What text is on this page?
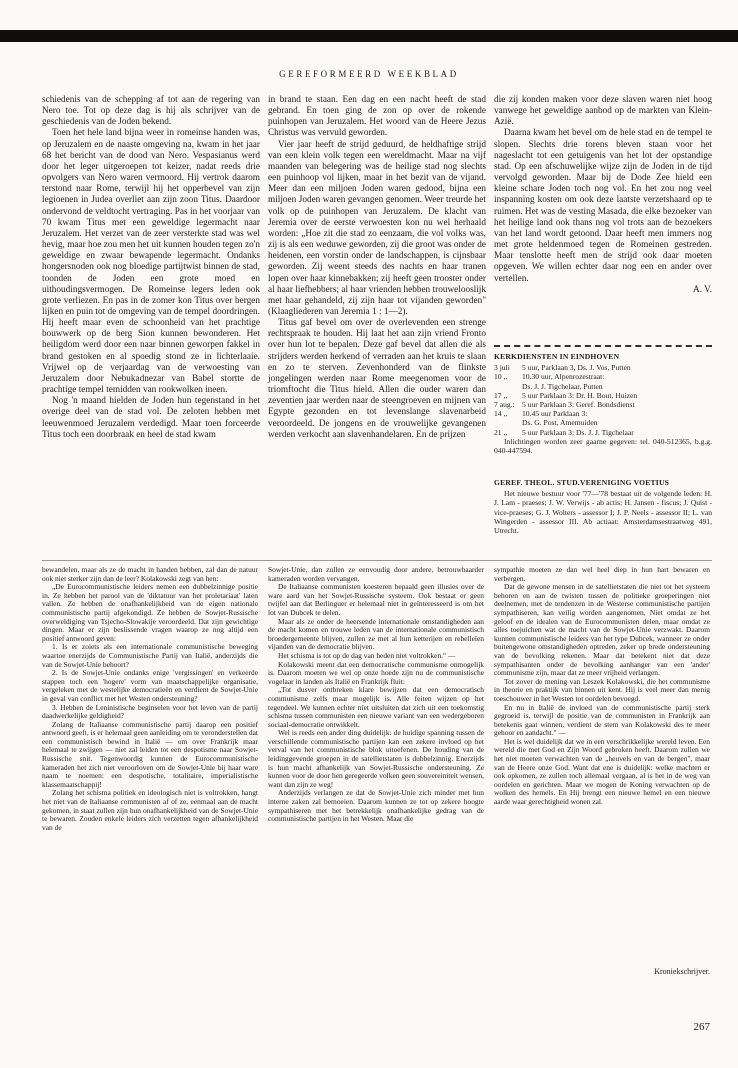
GEREFORMEERD WEEKBLAD

schiedenis van de schepping af tot aan de regering van Nero toe. Tot op deze dag is hij als schrijver van de geschiedenis van de Joden bekend.

Toen het hele land bijna weer in romeinse handen was, op Jeruzalem en de naaste omgeving na, kwam in het jaar 68 het bericht van de dood van Nero. Vespasianus werd door het leger uitgeroepen tot keizer, nadat reeds drie opvolgers van Nero waren vermoord. Hij vertrok daarom terstond naar Rome, terwijl hij het opperbevel van zijn legioenen in Judea overliet aan zijn zoon Titus. Daardoor ondervond de veldtocht vertraging. Pas in het voorjaar van 70 kwam Titus met een geweldige legermacht naar Jeruzalem. Het verzet van de zeer versterkte stad was wel hevig, maar hoe zou men het uit kunnen houden tegen zo'n geweldige en zwaar bewapende legermacht. Ondanks hongersnoden ook nog bloedige partijtwist binnen de stad, toonden de Joden een grote moed en uithoudingsvermogen. De Romeinse legers leden ook grote verliezen. En pas in de zomer kon Titus over bergen lijken en puin tot de omgeving van de tempel doordringen. Hij heeft maar even de schoonheid van het prachtige bouwwerk op de berg Sion kunnen bewonderen. Het heiligdom werd door een naar binnen geworpen fakkel in brand gestoken en al spoedig stond ze in lichterlaaie. Vrijwel op de verjaardag van de verwoesting van Jeruzalem door Nebukadnezar van Babel stortte de prachtige tempel temidden van rookwolken ineen.

Nog 'n maand hielden de Joden hun tegenstand in het overige deel van de stad vol. De zeloten hebben met leeuwenmoed Jeruzalem verdedigd. Maar toen forceerde Titus toch een doorbraak en heel de stad kwam

in brand te staan. Een dag en een nacht heeft de stad gebrand. En toen ging de zon op over de rokende puinhopen van Jeruzalem. Het woord van de Heere Jezus Christus was vervuld geworden.

Vier jaar heeft de strijd geduurd, de heldhaftige strijd van een klein volk tegen een wereldmacht. Maar na vijf maanden van belegering was de heilige stad nog slechts een puinhoop vol lijken, maar in het bezit van de vijand. Meer dan een miljoen Joden waren gedood, bijna een miljoen Joden waren gevangen genomen. Weer treurde het volk op de puinhopen van Jeruzalem. De klacht van Jeremia over de eerste verwoesten kon nu wel herhaald worden: „Hoe zit die stad zo eenzaam, die vol volks was, zij is als een weduwe geworden, zij die groot was onder de heidenen, een vorstin onder de landschappen, is cijnsbaar geworden. Zij weent steeds des nachts en haar tranen lopen over haar kinnebakken; zij heeft geen trooster onder al haar liefhebbers; al haar vrienden hebben trouweloosliјk met haar gehandeld, zij zijn haar tot vijanden geworden" (Klaagliederen van Jeremia 1 : 1—2).

Titus gaf bevel om over de overlevenden een strenge rechtspraak te houden. Hij laat het aan zijn vriend Fronto over hun lot te bepalen. Deze gaf bevel dat allen die als strijders werden herkend of verraden aan het kruis te slaan en zo te sterven. Zevenhonderd van de flinkste jongelingen werden naar Rome meegenomen voor de triomftocht die Titus hield. Allen die ouder waren dan zeventien jaar werden naar de steengroeven en mijnen van Egypte gezonden en tot levenslange slavenarbeid veroordeeld. De jongens en de vrouwelijke gevangenen werden verkocht aan slavenhandelaren. En de prijzen

die zij konden maken voor deze slaven waren niet hoog vanwege het geweldige aanbod op de markten van Klein-Azië.

Daarna kwam het bevel om de hele stad en de tempel te slopen. Slechts drie torens bleven staan voor het nageslacht tot een getuigenis van het lot der opstandige stad. Op een afschuwelijke wijze zijn de Joden in de tijd vervolgd geworden. Maar bij de Dode Zee hield een kleine schare Joden toch nog vol. En het zou nog veel inspanning kosten om ook deze laatste verzetshaard op te ruimen. Het was de vesting Masada, die elke bezoeker van het heilige land ook thans nog vol trots aan de bezoekers van het land wordt getoond. Daar heeft men immers nog met grote heldenmoed tegen de Romeinen gestreden. Maar tenslotte heeft men de strijd ook daar moeten opgeven. We willen echter daar nog een en ander over vertellen.

A. V.
KERKDIENSTEN IN EINDHOVEN
3 juli	5 uur, Parklaan 3, Ds. J. Vos, Putten
10 ,,	10.30 uur, Alpenrozestraat:
Ds. J. J. Tigchelaar, Putten
17 ,,	5 uur Parklaan 3: Dr. H. Bout, Huizen
7 aug.: 5 uur Parklaan 3: Geref. Bondsdienst
14 ,,	10.45 uur Parklaan 3:
Ds. G. Post, Amemuiden
21 ,,	5 uur Parklaan 3: Ds. J. J. Tigchelaar

Inlichtingen worden zeer gaarne gegeven: tel. 040-512365, b.g.g. 040-447594.

GEREF. THEOL. STUD.VERENIGING VOETIUS

Het nieuwe bestuur voor '77—'78 bestaat uit de volgende leden: H. J. Lam - praeses; J. W. Verwijs - ab actis; H. Jansen - fiscus; J. Quist - vice-praeses; G. J. Wolters - assessor I; J. P. Neels - assessor II; L. van Wingerden - assessor III. Ab actiaat: Amsterdamsestraatweg 491, Utrecht.

bewandelen, maar als ze de macht in handen hebben, zal dan de natuur ook niet sterker zijn dan de leer? Kolakowski zegt van hen:

„De Eurocommunistische leiders nemen een dubbelzinnige positie in. Ze hebben het parool van de 'diktatuur van het proletariaat' laten vallen. Ze hebben de onafhankelijkheid van de eigen nationale communistische partij afgekondigd. Ze hebben de Sowjet-Russische overweldiging van Tsjecho-Slowakije veroordeeld. Dat zijn gewichtige dingen. Maar er zijn beslissende vragen waarop ze nog altijd een positief antwoord geven:

1. Is er zoiets als een internationale communistische beweging waartoe enerzijds de Communistische Partij van Italië, anderzijds die van de Sowjet-Unie behoort?

2. Is de Sowjet-Unie ondanks enige 'vergissingen' en verkeerde stappen toch een 'hogere' vorm van maatschappelijke organisatie, vergeleken met de westelijke democratieën en verdient de Sowjet-Unie in geval van conflict met het Westen ondersteuning?

3. Hebben de Leninistische beginselen voor het leven van de partij daadwerkelijke geldigheid?

Zolang de Italiaanse communistische partij daarop een positief antwoord geeft, is er helemaal geen aanleiding om te veronderstellen dat een communistisch bewind in Italië — om over Frankrijk maar helemaal te zwijgen — niet zal leiden tot een despotisme naar Sowjet-Russische snit. Tegenwoordig kunnen de Eurocommunistische kameraden het zich niet veroorloven om de Sowjet-Unie bij haar ware naam te noemen: een despotische, totalitaire, imperialistische klassemaatschappij!

Zolang het schisma politiek en ideologisch niet is voltrokken, hangt het niet van de Italiaanse communisten af of ze, eenmaal aan de macht gekomen, in staat zullen zijn hun onafhankelijkheid van de Sowjet-Unie te bewaren. Zouden enkele leiders zich verzetten tegen afhankelijkheid van de

Sowjet-Unie, dan zullen ze eenvoudig door andere, betrouwbaarder kameraden worden vervangen.

De Italiaanse communisten koesteren bepaald geen illusies over de ware aard van het Sowjet-Russische systeem. Ook bestaat er geen twijfel aan dat Berlinguer er helemaal niet in geïnteresseerd is om het lot van Dubcek te delen.

Maar als ze onder de heersende internationale omstandigheden aan de macht komen en trouwe leden van de internationale communistisch broedergemeente blijven, zullen ze met al hun ketterijen en rebelleïen vijanden van de democratie blijven.

Het schisma is tot op de dag van heden niet voltrokken." —

Kolakowski meent dat een democratische communisme onmogelijk is. Daarom moeten we wel op onze hoede zijn nu de communistische vogelaar in landen als Italië en Frankrijk fluit:

„Tot dusver ontbreken klare bewijzen dat een democratisch communisme zelfs maar mogelijk is. Alle feiten wijzen op het tegendeel. We kunnen echter niet uitsluiten dat zich uit een toekomstig schisma tussen communisten een nieuwe variant van een wedergeboren sociaal-democratie ontwikkelt.

Wel is reeds een ander ding duidelijk: de huidige spanning tussen de verschillende communistische partijen kan een zekere invloed op het verval van het communistische blok uitoefenen. De houding van de leidinggevende groepen in de satellietstaten is dubbelzinnig. Enerzijds is hun macht afhankelijk van Sowjet-Russische ondersteuning. Ze kunnen voor de door hen geregeerde volken geen souvereiniteit wensen, want dan zijn ze weg!

Anderzijds verlangen ze dat de Sowjet-Unie zich minder met hun interne zaken zal bemoeien. Daarom kunnen ze tot op zekere hoogte sympathiseren met het betrekkelijk onafhankelijke gedrag van de communistische partijen in het Westen. Maar die

sympathie moeten ze dan wel heel diep in hun hart bewaren en verbergen.

Dat de gewone mensen in de satellietstaten die niet tot het systeem behoren en aan de twisten tussen de politieke groeperingen niet deelnemen, met de tendenzen in de Westerse communistische partijen sympathiseren, kan veilig worden aangenomen, Niet omdat ze het geloof en de idealen van de Eurocommunisten delen, maar omdat ze alles toejuichen wat de macht van de Sowjet-Unie verzwakt. Daarom kunnen communistische leiders van het type Dubcek, wanneer ze onder buitengewone omstandigheden optreden, zeker op brede ondersteuning van de bevolking rekenen. Maar dat betekent niet dat deze sympathisanten onder de bevolking aanhanger van een 'ander' communisme zijn, maar dat ze meer vrijheid verlangen.

Tot zover de mening van Leszek Kolakowski, die het communisme in theorie en praktijk van binnen uit kent. Hij is veel meer dan menig toeschouwer in het Westen tot oordelen bevoegd.

En nu in Italië de invloed van de communistische partij sterk gegroeid is, terwijl de positie van de communisten in Frankrijk aan betekenis gaat winnen, verdient de stem van Kolakowski des te meer gehoor en aandacht." —

Het is wel duidelijk dat we in een verschrikkelijke wereld leven. Een wereld die met God en Zijn Woord gebroken heeft. Daarom zullen we het niet moeten verwachten van de „heuvels en van de bergen", maar van de Heere onze God. Want dat ene is duidelijk: welke machten er ook opkomen, ze zullen toch allemaal vergaan, al is het in de weg van oordelen en gerichten. Maar we mogen de Koning verwachten op de wolken des hemels. En Hij brengt een nieuwe hemel en een nieuwe aarde waar gerechtigheid wonen zal.

Kroniekschrijver.
267
